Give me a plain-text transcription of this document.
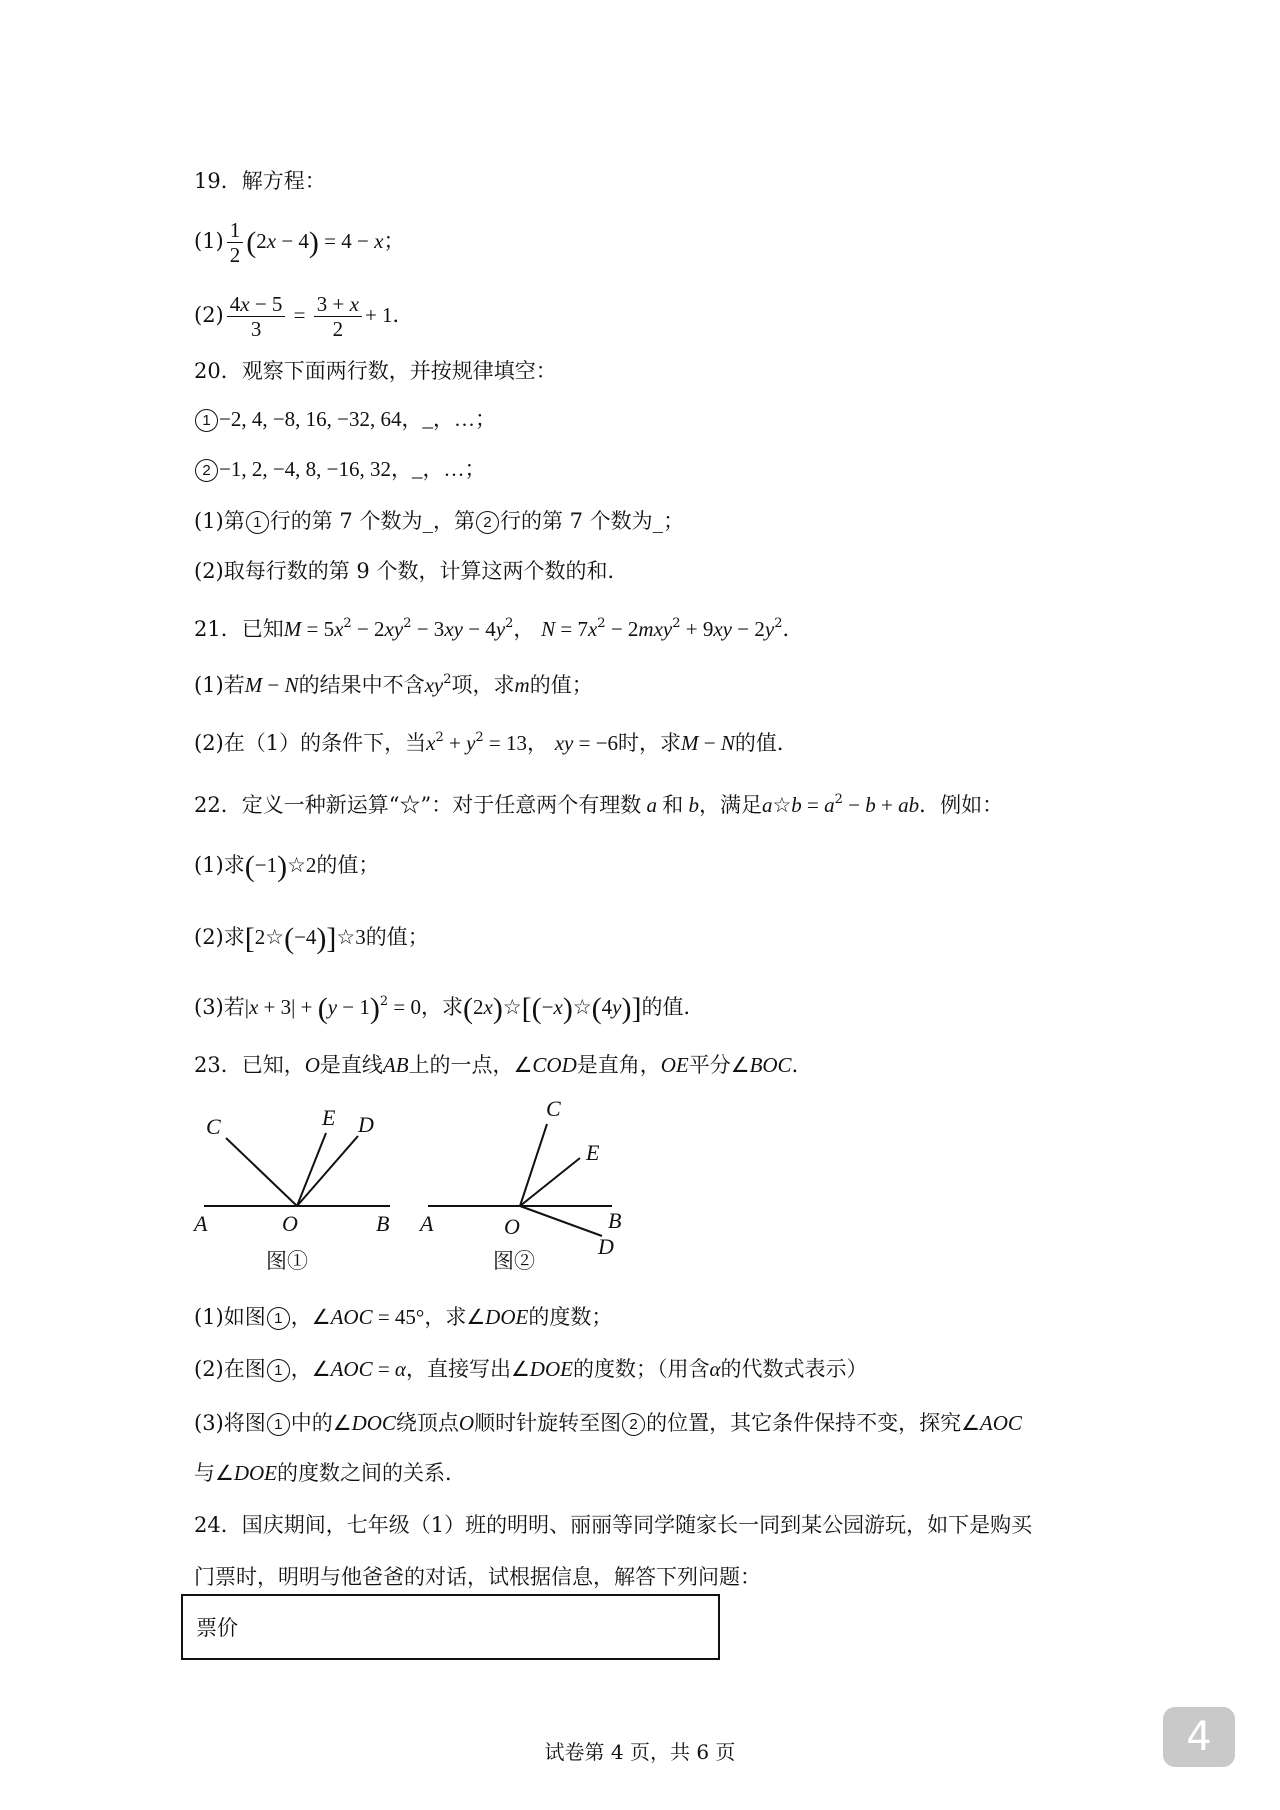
19．解方程：
$(1) \frac{1}{2} (2x - 4) = 4 - x$；
$(2) \frac{4x - 5}{3} = \frac{3 + x}{2} + 1$．
20．观察下面两行数，并按规律填空：
1 −2, 4, −8, 16, −32, 64，_，…；
2 −1, 2, −4, 8, −16, 32，_，…；
(1)第 1 行的第 7 个数为_，第 2 行的第 7 个数为_；
(2)取每行数的第 9 个数，计算这两个数的和．
21．已知$M = 5x^2 - 2xy^2 - 3xy - 4y^2$， $N = 7x^2 - 2mxy^2 + 9xy - 2y^2$．
(1)若M − N的结果中不含$xy^2$项，求m的值；
(2)在（1）的条件下，当$x^2 + y^2 = 13$， xy = −6时，求M − N的值．
22．定义一种新运算“☆”：对于任意两个有理数 a 和 b，满足a☆b = $a^2 - b$ + ab．例如：
(1)求(−1)☆2的值；
(2)求[2☆(−4)]☆3的值；
(3)若$|x + 3| + (y - 1)^2 = 0$，求(2x)☆[(−x)☆(4y)]的值．
23．已知，O是直线AB上的一点，∠COD是直角，OE平分∠BOC．
C	E D
A	O	B
图①
C
E
A	O	B
D
图②
(1)如图 1 ，∠AOC = 45°，求∠DOE的度数；
(2)在图 1 ，∠AOC = α，直接写出∠DOE的度数；（用含α的代数式表示）
(3)将图 1 中的∠DOC绕顶点O顺时针旋转至图 2 的位置，其它条件保持不变，探究∠AOC
与∠DOE的度数之间的关系．
24．国庆期间，七年级（1）班的明明、丽丽等同学随家长一同到某公园游玩，如下是购买
门票时，明明与他爸爸的对话，试根据信息，解答下列问题：
票价
试卷第 4 页，共 6 页	4
